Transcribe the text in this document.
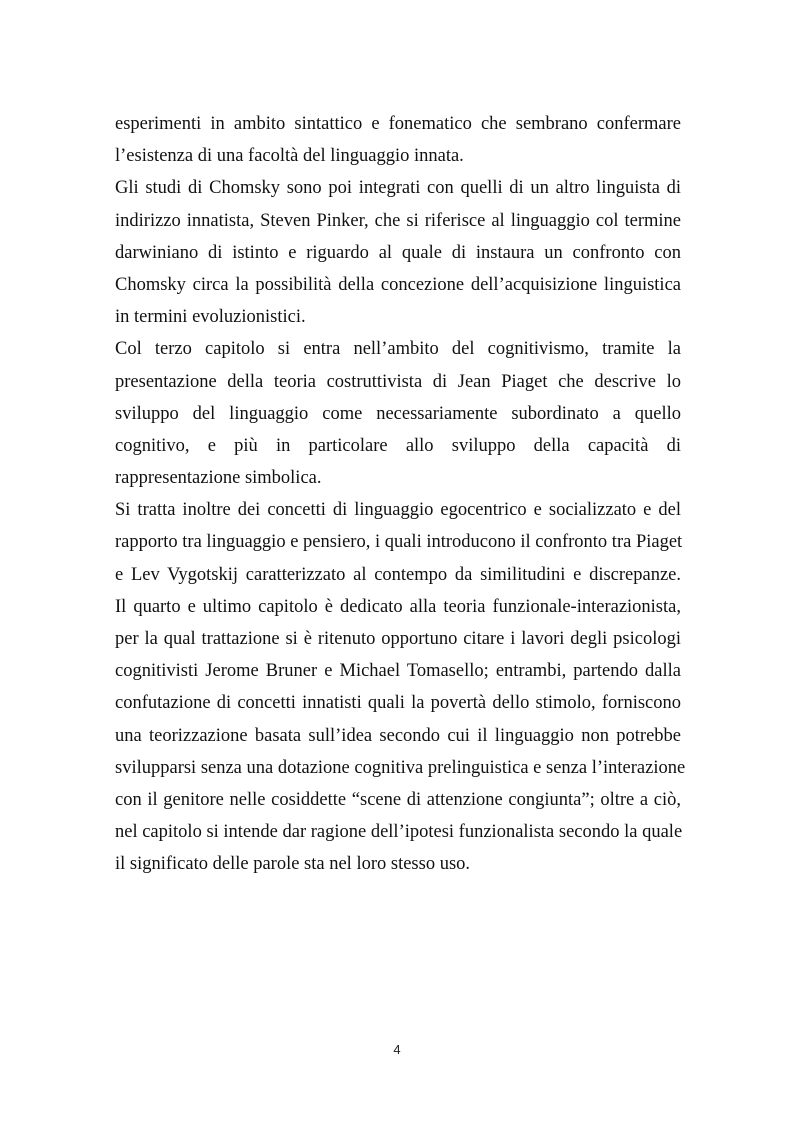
esperimenti in ambito sintattico e fonematico che sembrano confermare
l’esistenza di una facoltà del linguaggio innata.
Gli studi di Chomsky sono poi integrati con quelli di un altro linguista di
indirizzo innatista, Steven Pinker, che si riferisce al linguaggio col termine
darwiniano di istinto e riguardo al quale di instaura un confronto con
Chomsky circa la possibilità della concezione dell’acquisizione linguistica
in termini evoluzionistici.
Col terzo capitolo si entra nell’ambito del cognitivismo, tramite la
presentazione della teoria costruttivista di Jean Piaget che descrive lo
sviluppo del linguaggio come necessariamente subordinato a quello
cognitivo, e più in particolare allo sviluppo della capacità di
rappresentazione simbolica.
Si tratta inoltre dei concetti di linguaggio egocentrico e socializzato e del
rapporto tra linguaggio e pensiero, i quali introducono il confronto tra Piaget
e Lev Vygotskij caratterizzato al contempo da similitudini e discrepanze.
Il quarto e ultimo capitolo è dedicato alla teoria funzionale-interazionista,
per la qual trattazione si è ritenuto opportuno citare i lavori degli psicologi
cognitivisti Jerome Bruner e Michael Tomasello; entrambi, partendo dalla
confutazione di concetti innatisti quali la povertà dello stimolo, forniscono
una teorizzazione basata sull’idea secondo cui il linguaggio non potrebbe
svilupparsi senza una dotazione cognitiva prelinguistica e senza l’interazione
con il genitore nelle cosiddette “scene di attenzione congiunta”; oltre a ciò,
nel capitolo si intende dar ragione dell’ipotesi funzionalista secondo la quale
il significato delle parole sta nel loro stesso uso.
4
